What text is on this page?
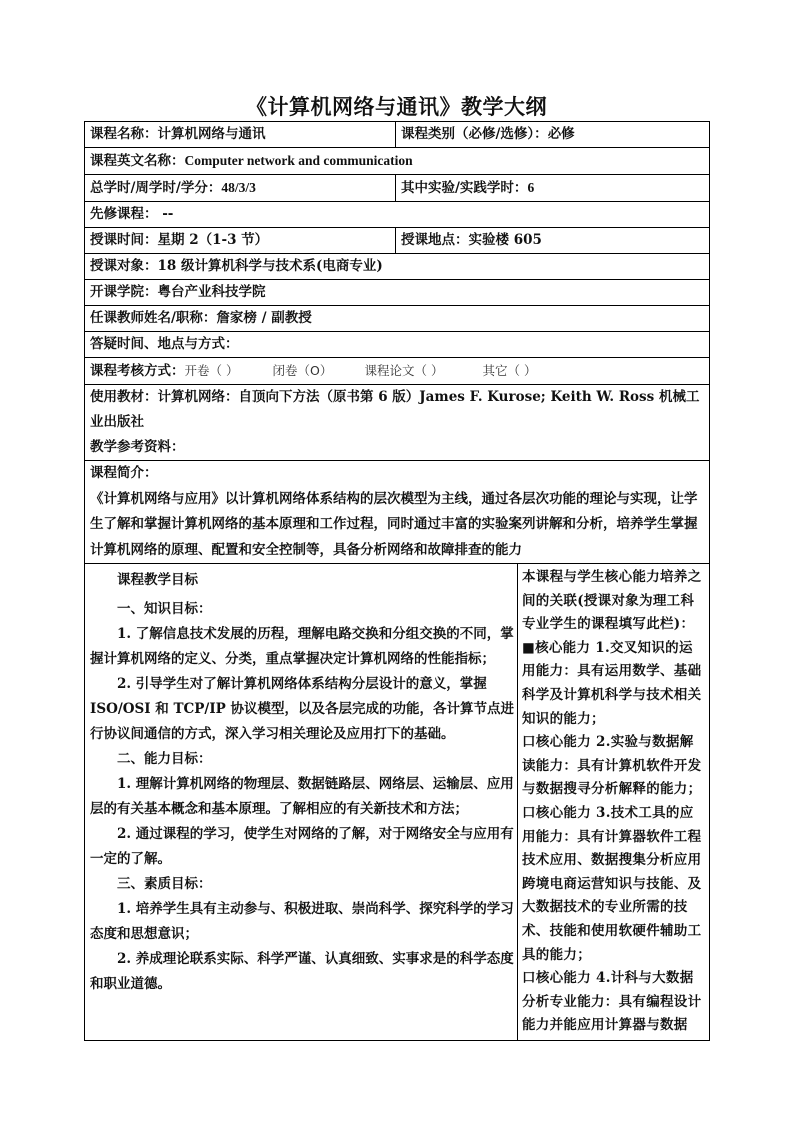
《计算机网络与通讯》教学大纲
课程名称：计算机网络与通讯	课程类别（必修/选修）：必修
课程英文名称：Computer network and communication
总学时/周学时/学分：48/3/3	其中实验/实践学时：6
先修课程： --
授课时间：星期 2（1-3 节）	授课地点：实验楼 605
授课对象：18 级计算机科学与技术系(电商专业)
开课学院：粤台产业科技学院
任课教师姓名/职称：詹家榜 / 副教授
答疑时间、地点与方式：
课程考核方式：开卷（ ）	闭卷（O）	课程论文（ ）	其它（ ）
使用教材：计算机网络：自顶向下方法（原书第 6 版）James F. Kurose; Keith W. Ross 机械工业出版社
教学参考资料：

课程简介：

《计算机网络与应用》以计算机网络体系结构的层次模型为主线，通过各层次功能的理论与实现，让学生了解和掌握计算机网络的基本原理和工作过程，同时通过丰富的实验案列讲解和分析，培养学生掌握计算机网络的原理、配置和安全控制等，具备分析网络和故障排查的能力

课程教学目标

一、知识目标：

1. 了解信息技术发展的历程，理解电路交换和分组交换的不同，掌握计算机网络的定义、分类，重点掌握决定计算机网络的性能指标；

2. 引导学生对了解计算机网络体系结构分层设计的意义，掌握 ISO/OSI 和 TCP/IP 协议模型，以及各层完成的功能，各计算节点进行协议间通信的方式，深入学习相关理论及应用打下的基础。

二、能力目标：

1. 理解计算机网络的物理层、数据链路层、网络层、运输层、应用层的有关基本概念和基本原理。了解相应的有关新技术和方法；

2. 通过课程的学习，使学生对网络的了解，对于网络安全与应用有一定的了解。

三、素质目标：

1. 培养学生具有主动参与、积极进取、崇尚科学、探究科学的学习态度和思想意识；

2. 养成理论联系实际、科学严谨、认真细致、实事求是的科学态度和职业道德。

本课程与学生核心能力培养之间的关联(授课对象为理工科专业学生的课程填写此栏)：

■核心能力 1.交叉知识的运用能力：具有运用数学、基础科学及计算机科学与技术相关知识的能力；

口核心能力 2.实验与数据解读能力：具有计算机软件开发与数据搜寻分析解释的能力；

口核心能力 3.技术工具的应用能力：具有计算器软件工程技术应用、数据搜集分析应用跨境电商运营知识与技能、及大数据技术的专业所需的技术、技能和使用软硬件辅助工具的能力；

口核心能力 4.计科与大数据分析专业能力：具有编程设计能力并能应用计算器与数据
